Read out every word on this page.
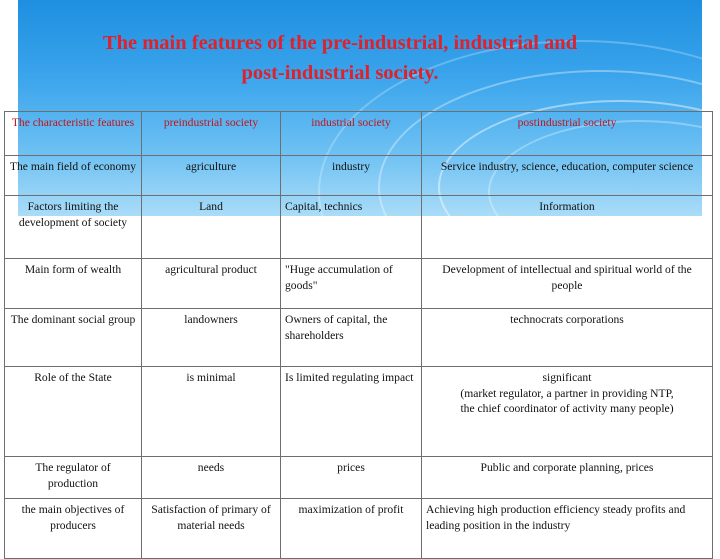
The main features of the pre-industrial, industrial and
post-industrial society.
The characteristic features	preindustrial society	industrial society	postindustrial society
The main field of economy	agriculture	industry	Service industry, science, education, computer science
Factors limiting the development of society	Land	Capital, technics	Information
Main form of wealth	agricultural product	"Huge accumulation of goods"	Development of intellectual and spiritual world of the people
The dominant social group	landowners	Owners of capital, the shareholders	technocrats corporations
Role of the State	is minimal	Is limited regulating impact	significant
(market regulator, a partner in providing NTP,
the chief coordinator of activity many people)

The regulator of production	needs	prices	Public and corporate planning, prices
the main objectives of producers	Satisfaction of primary of material needs	maximization of profit	Achieving high production efficiency steady profits and leading position in the industry
